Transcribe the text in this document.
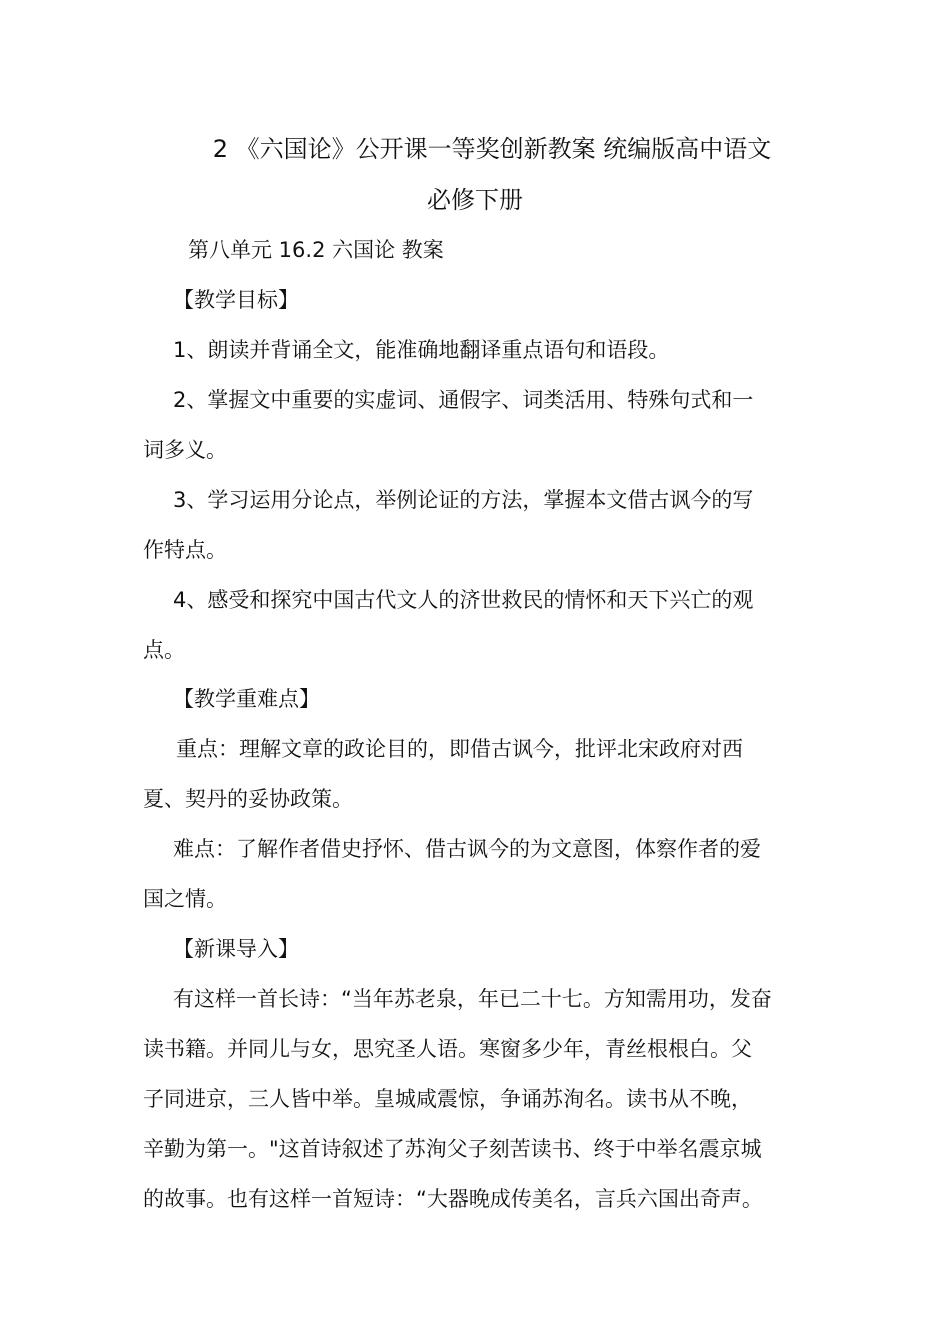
2 《六国论》公开课一等奖创新教案 统编版高中语文
必修下册
第八单元 16.2 六国论 教案
【教学目标】
1、朗读并背诵全文，能准确地翻译重点语句和语段。
2、掌握文中重要的实虚词、通假字、词类活用、特殊句式和一
词多义。
3、学习运用分论点，举例论证的方法，掌握本文借古讽今的写
作特点。
4、感受和探究中国古代文人的济世救民的情怀和天下兴亡的观
点。
【教学重难点】
重点：理解文章的政论目的，即借古讽今，批评北宋政府对西
夏、契丹的妥协政策。
难点：了解作者借史抒怀、借古讽今的为文意图，体察作者的爱
国之情。
【新课导入】
有这样一首长诗：“当年苏老泉，年已二十七。方知需用功，发奋
读书籍。并同儿与女，思究圣人语。寒窗多少年，青丝根根白。父
子同进京，三人皆中举。皇城咸震惊，争诵苏洵名。读书从不晚，
辛勤为第一。"这首诗叙述了苏洵父子刻苦读书、终于中举名震京城
的故事。也有这样一首短诗：“大器晚成传美名，言兵六国出奇声。
